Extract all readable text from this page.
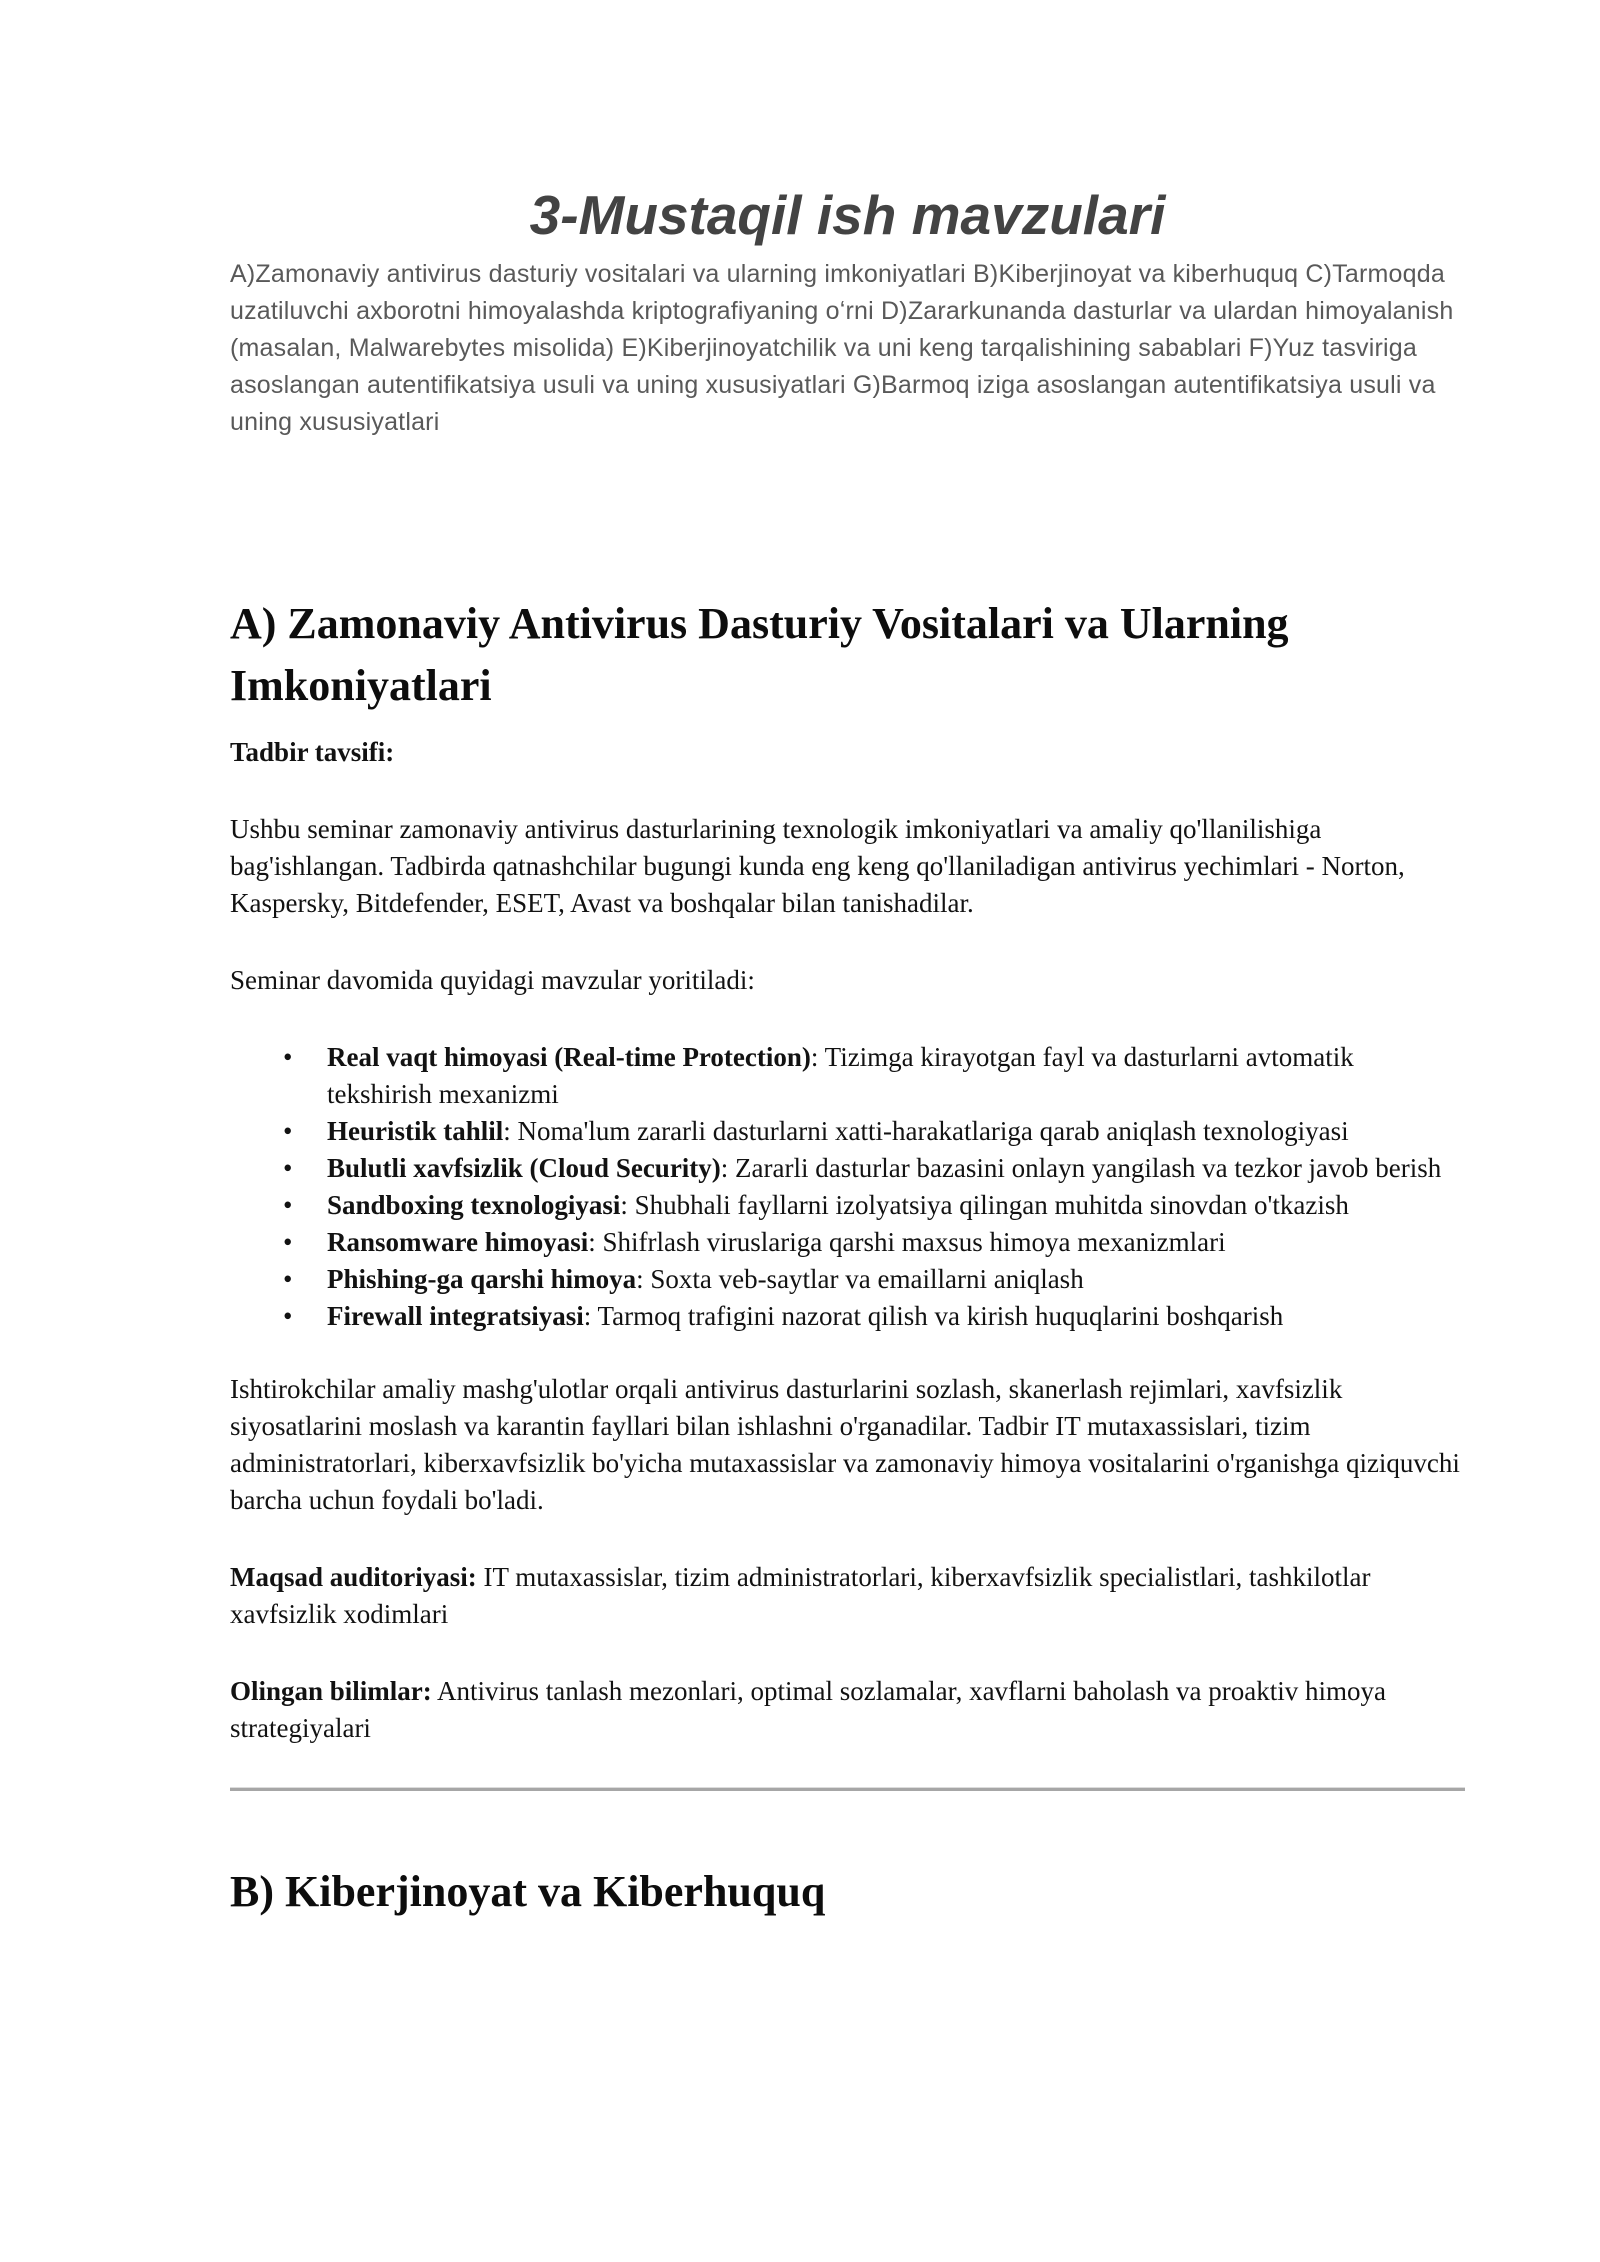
3-Mustaqil ish mavzulari

A)Zamonaviy antivirus dasturiy vositalari va ularning imkoniyatlari B)Kiberjinoyat va kiberhuquq C)Tarmoqda uzatiluvchi axborotni himoyalashda kriptografiyaning oʻrni D)Zararkunanda dasturlar va ulardan himoyalanish (masalan, Malwarebytes misolida) E)Kiberjinoyatchilik va uni keng tarqalishining sabablari F)Yuz tasviriga asoslangan autentifikatsiya usuli va uning xususiyatlari G)Barmoq iziga asoslangan autentifikatsiya usuli va uning xususiyatlari

A) Zamonaviy Antivirus Dasturiy Vositalari va Ularning Imkoniyatlari

Tadbir tavsifi:

Ushbu seminar zamonaviy antivirus dasturlarining texnologik imkoniyatlari va amaliy qo'llanilishiga bag'ishlangan. Tadbirda qatnashchilar bugungi kunda eng keng qo'llaniladigan antivirus yechimlari - Norton, Kaspersky, Bitdefender, ESET, Avast va boshqalar bilan tanishadilar.

Seminar davomida quyidagi mavzular yoritiladi:

• Real vaqt himoyasi (Real-time Protection): Tizimga kirayotgan fayl va dasturlarni avtomatik tekshirish mexanizmi
• Heuristik tahlil: Noma'lum zararli dasturlarni xatti-harakatlariga qarab aniqlash texnologiyasi
• Bulutli xavfsizlik (Cloud Security): Zararli dasturlar bazasini onlayn yangilash va tezkor javob berish
• Sandboxing texnologiyasi: Shubhali fayllarni izolyatsiya qilingan muhitda sinovdan o'tkazish
• Ransomware himoyasi: Shifrlash viruslariga qarshi maxsus himoya mexanizmlari
• Phishing-ga qarshi himoya: Soxta veb-saytlar va emaillarni aniqlash
• Firewall integratsiyasi: Tarmoq trafigini nazorat qilish va kirish huquqlarini boshqarish

Ishtirokchilar amaliy mashg'ulotlar orqali antivirus dasturlarini sozlash, skanerlash rejimlari, xavfsizlik siyosatlarini moslash va karantin fayllari bilan ishlashni o'rganadilar. Tadbir IT mutaxassislari, tizim administratorlari, kiberxavfsizlik bo'yicha mutaxassislar va zamonaviy himoya vositalarini o'rganishga qiziquvchi barcha uchun foydali bo'ladi.

Maqsad auditoriyasi: IT mutaxassislar, tizim administratorlari, kiberxavfsizlik specialistlari, tashkilotlar xavfsizlik xodimlari

Olingan bilimlar: Antivirus tanlash mezonlari, optimal sozlamalar, xavflarni baholash va proaktiv himoya strategiyalari

B) Kiberjinoyat va Kiberhuquq
